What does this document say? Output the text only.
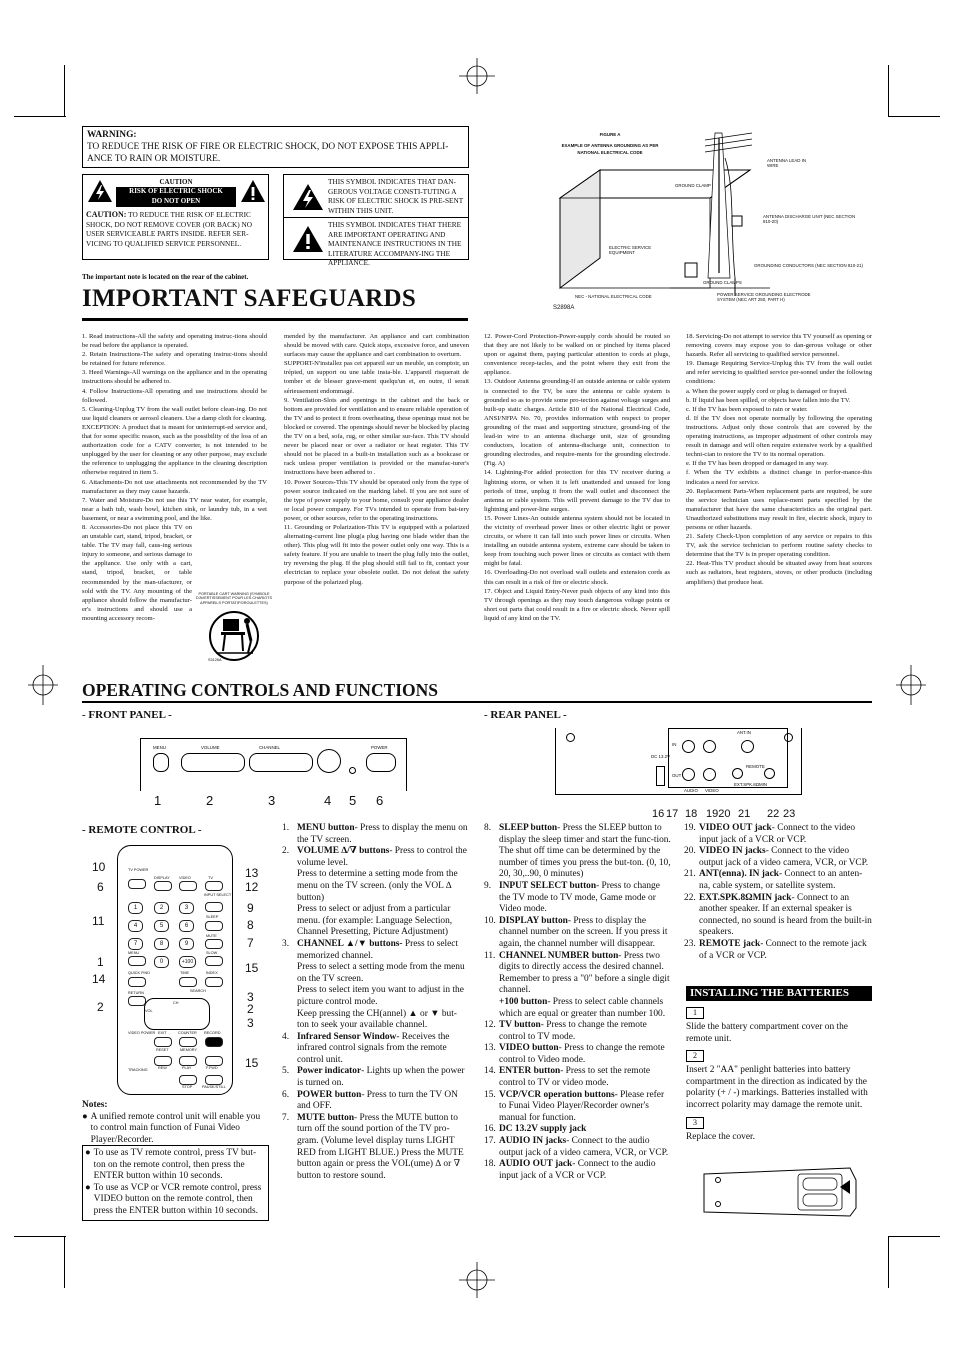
WARNING:
TO REDUCE THE RISK OF FIRE OR ELECTRIC SHOCK, DO NOT EXPOSE THIS APPLI-ANCE TO RAIN OR MOISTURE.
CAUTION
RISK OF ELECTRIC SHOCK
DO NOT OPEN
CAUTION: TO REDUCE THE RISK OF ELECTRIC SHOCK, DO NOT REMOVE COVER (OR BACK) NO USER SERVICEABLE PARTS INSIDE. REFER SER-VICING TO QUALIFIED SERVICE PERSONNEL.
THIS SYMBOL INDICATES THAT DAN-GEROUS VOLTAGE CONSTI-TUTING A RISK OF ELECTRIC SHOCK IS PRE-SENT WITHIN THIS UNIT.
THIS SYMBOL INDICATES THAT THERE ARE IMPORTANT OPERATING AND MAINTENANCE INSTRUCTIONS IN THE LITERATURE ACCOMPANY-ING THE APPLIANCE.
The important note is located on the rear of the cabinet.
FIGURE A
EXAMPLE OF ANTENNA GROUNDING AS PER
NATIONAL ELECTRICAL CODE
ANTENNA LEAD IN WIRE
GROUND CLAMP
ANTENNA DISCHARGE UNIT (NEC SECTION 810-20)
ELECTRIC SERVICE EQUIPMENT
GROUNDING CONDUCTORS (NEC SECTION 810-21)
GROUND CLAMPS
POWER SERVICE GROUNDING ELECTRODE SYSTEM (NEC ART 250, PART H)
NEC - NATIONAL ELECTRICAL CODE
S2898A
IMPORTANT SAFEGUARDS

1. Read instructions-All the safety and operating instruc-tions should be read before the appliance is operated.

2. Retain Instructions-The safety and operating instruc-tions should be retained for future reference.

3. Heed Warnings-All warnings on the appliance and in the operating instructions should be adhered to.

4. Follow Instructions-All operating and use instructions should be followed.

5. Cleaning-Unplug TV from the wall outlet before clean-ing. Do not use liquid cleaners or aerosol cleaners. Use a damp cloth for cleaning.

EXCEPTION: A product that is meant for uninterrupt-ed service and, that for some specific reason, such as the possibility of the loss of an authorization code for a CATV converter, is not intended to be unplugged by the user for cleaning or any other purpose, may exclude the reference to unplugging the appliance in the cleaning description otherwise required in item 5.

6. Attachments-Do not use attachments not recommended by the TV manufacturer as they may cause hazards.

7. Water and Moisture-Do not use this TV near water, for example, near a bath tub, wash bowl, kitchen sink, or laundry tub, in a wet basement, or near a swimming pool, and the like.

8. Accessories-Do not place this TV on an unstable cart, stand, tripod, bracket, or table. The TV may fall, caus-ing serious injury to someone, and serious damage to the appliance. Use only with a cart, stand, tripod, bracket, or table recommended by the man-ufacturer, or sold with the TV. Any mounting of the appliance should follow the manufactur-er's instructions and should use a mounting accessory recom-

PORTABLE CART WARNING (SYMBOLE D'AVERTISSEMENT POUR LES CHARIOTS APPAREILS PORTATIFS/ROULETTES)
S3126A

mended by the manufacturer. An appliance and cart combination should be moved with care. Quick stops, excessive force, and uneven surfaces may cause the appliance and cart combination to overturn.

SUPPORT-N'installez pas cet appareil sur un meuble, un comptoir, un trépied, un support ou une table insta-ble. L'appareil risquerait de tomber et de blesser grave-ment quelqu'un et, en outre, il serait sérieusement endommagé.

9. Ventilation-Slots and openings in the cabinet and the back or bottom are provided for ventilation and to ensure reliable operation of the TV and to protect it from overheating, these openings must not be blocked or covered. The openings should never be blocked by placing the TV on a bed, sofa, rug, or other similar sur-face. This TV should never be placed near or over a radiator or heat register. This TV should not be placed in a built-in installation such as a bookcase or rack unless proper ventilation is provided or the manufac-turer's instructions have been adhered to .

10. Power Sources-This TV should be operated only from the type of power source indicated on the marking label. If you are not sure of the type of power supply to your home, consult your appliance dealer or local power company. For TVs intended to operate from bat-tery power, or other sources, refer to the operating instructions.

11. Grounding or Polarization-This TV is equipped with a polarized alternating-current line plug(a plug having one blade wider than the other). This plug will fit into the power outlet only one way. This is a safety feature. If you are unable to insert the plug fully into the outlet, try reversing the plug. If the plug should still fail to fit, contact your electrician to replace your obsolete outlet. Do not defeat the safety purpose of the polarized plug.

12. Power-Cord Protection-Power-supply cords should be routed so that they are not likely to be walked on or pinched by items placed upon or against them, paying particular attention to cords at plugs, convenience recep-tacles, and the point where they exit from the appliance.

13. Outdoor Antenna grounding-If an outside antenna or cable system is connected to the TV, be sure the antenna or cable system is grounded so as to provide some pro-tection against voltage surges and built-up static charges. Article 810 of the National Electrical Code, ANSI/NFPA No. 70, provides information with respect to proper grounding of the mast and supporting structure, ground-ing of the lead-in wire to an antenna discharge unit, size of grounding conductors, location of antenna-discharge unit, connection to grounding electrodes, and require-ments for the grounding electrode. (Fig. A)

14. Lightning-For added protection for this TV receiver during a lightning storm, or when it is left unattended and unused for long periods of time, unplug it from the wall outlet and disconnect the antenna or cable system. This will prevent damage to the TV due to lightning and power-line surges.

15. Power Lines-An outside antenna system should not be located in the vicinity of overhead power lines or other electric light or power circuits, or where it can fall into such power lines or circuits. When installing an outside antenna system, extreme care should be taken to keep from touching such power lines or circuits as contact with them might be fatal.

16. Overloading-Do not overload wall outlets and extension cords as this can result in a risk of fire or electric shock.

17. Object and Liquid Entry-Never push objects of any kind into this TV through openings as they may touch dangerous voltage points or short out parts that could result in a fire or electric shock. Never spill liquid of any kind on the TV.

18. Servicing-Do not attempt to service this TV yourself as opening or removing covers may expose you to dan-gerous voltage or other hazards. Refer all servicing to qualified service personnel.

19. Damage Requiring Service-Unplug this TV from the wall outlet and refer servicing to qualified service per-sonnel under the following conditions:

a. When the power supply cord or plug is damaged or frayed.

b. If liquid has been spilled, or objects have fallen into the TV.

c. If the TV has been exposed to rain or water.

d. If the TV does not operate normally by following the operating instructions. Adjust only those controls that are covered by the operating instructions, as improper adjustment of other controls may result in damage and will often require extensive work by a qualified techni-cian to restore the TV to its normal operation.

e. If the TV has been dropped or damaged in any way.

f. When the TV exhibits a distinct change in perfor-mance-this indicates a need for service.

20. Replacement Parts-When replacement parts are required, be sure the service technician uses replace-ment parts specified by the manufacturer that have the same characteristics as the original part. Unauthorized substitutions may result in fire, electric shock, injury to persons or other hazards.

21. Safety Check-Upon completion of any service or repairs to this TV, ask the service technician to perform routine safety checks to determine that the TV is in proper operating condition.

22. Heat-This TV product should be situated away from heat sources such as radiators, heat registers, stoves, or other products (including amplifiers) that produce heat.

OPERATING CONTROLS AND FUNCTIONS
- FRONT PANEL -	- REAR PANEL -
MENU	VOLUME	CHANNEL	POWER
1	2	3	4 5 6
ANT.IN
IN
DC 13.2V
OUT
AUDIO VIDEO
REMOTE
EXT.SPK.8ΩMIN
16 17 18 1920 21 22 23
- REMOTE CONTROL -
TV POWER
DISPLAY VIDEO	TV
INPUT SELECT
1	2	3
SLEEP
4	5	6
MUTE
7	8	9
MENU
0	+100
SLOW
QUICK FIND	TIME	INDEX
SEARCH
RETURN
VOL
CH
VIDEO POWER EXIT	COUNTER RECORD
RESET	MEMORY
TRACKING	REW	PLAY	F.FWD
STOP	PAUSE/STILL
10
6
11
1
14
2
13
12
9
8
7
15
3
2
3
15
Notes:
● A unified remote control unit will enable you to control main function of Funai Video Player/Recorder.
● To use as TV remote control, press TV but-ton on the remote control, then press the ENTER button within 10 seconds.
● To use as VCP or VCR remote control, press VIDEO button on the remote control, then press the ENTER button within 10 seconds.

1. MENU button- Press to display the menu on the TV screen.

2. VOLUME ∆/∇ buttons- Press to control the volume level.

Press to determine a setting mode from the menu on the TV screen. (only the VOL ∆ button)

Press to select or adjust from a particular menu. (for example: Language Selection, Channel Presetting, Picture Adjustment)

3. CHANNEL ▲/▼ buttons- Press to select memorized channel.

Press to select a setting mode from the menu on the TV screen.

Press to select item you want to adjust in the picture control mode.

Keep pressing the CH(annel) ▲ or ▼ but-ton to seek your available channel.

4. Infrared Sensor Window- Receives the infrared control signals from the remote control unit.

5. Power indicator- Lights up when the power is turned on.

6. POWER button- Press to turn the TV ON and OFF.

7. MUTE button- Press the MUTE button to turn off the sound portion of the TV pro-gram. (Volume level display turns LIGHT RED from LIGHT BLUE.) Press the MUTE button again or press the VOL(ume) ∆ or ∇ button to restore sound.

8. SLEEP button- Press the SLEEP button to display the sleep timer and start the func-tion. The shut off time can be determined by the number of times you press the but-ton. (0, 10, 20, 30,..90, 0 minutes)

9. INPUT SELECT button- Press to change the TV mode to TV mode, Game mode or Video mode.

10. DISPLAY button- Press to display the channel number on the screen. If you press it again, the channel number will disappear.

11. CHANNEL NUMBER button- Press two digits to directly access the desired channel. Remember to press a "0" before a single digit channel.

+100 button- Press to select cable channels which are equal or greater than number 100.

12. TV button- Press to change the remote control to TV mode.

13. VIDEO button- Press to change the remote control to Video mode.

14. ENTER button- Press to set the remote control to TV or video mode.

15. VCP/VCR operation buttons- Please refer to Funai Video Player/Recorder owner's manual for function.

16. DC 13.2V supply jack

17. AUDIO IN jacks- Connect to the audio output jack of a video camera, VCR, or VCP.

18. AUDIO OUT jack- Connect to the audio input jack of a VCR or VCP.

19. VIDEO OUT jack- Connect to the video input jack of a VCR or VCP.

20. VIDEO IN jacks- Connect to the video output jack of a video camera, VCR, or VCP.

21. ANT(enna). IN jack- Connect to an anten-na, cable system, or satellite system.

22. EXT.SPK.8ΩMIN jack- Connect to an another speaker. If an external speaker is connected, no sound is heard from the built-in speakers.

23. REMOTE jack- Connect to the remote jack of a VCR or VCP.

INSTALLING THE BATTERIES
1

Slide the battery compartment cover on the remote unit.

2

Insert 2 "AA" penlight batteries into battery compartment in the direction as indicated by the polarity (+ / -) markings. Batteries installed with incorrect polarity may damage the remote unit.

3

Replace the cover.
